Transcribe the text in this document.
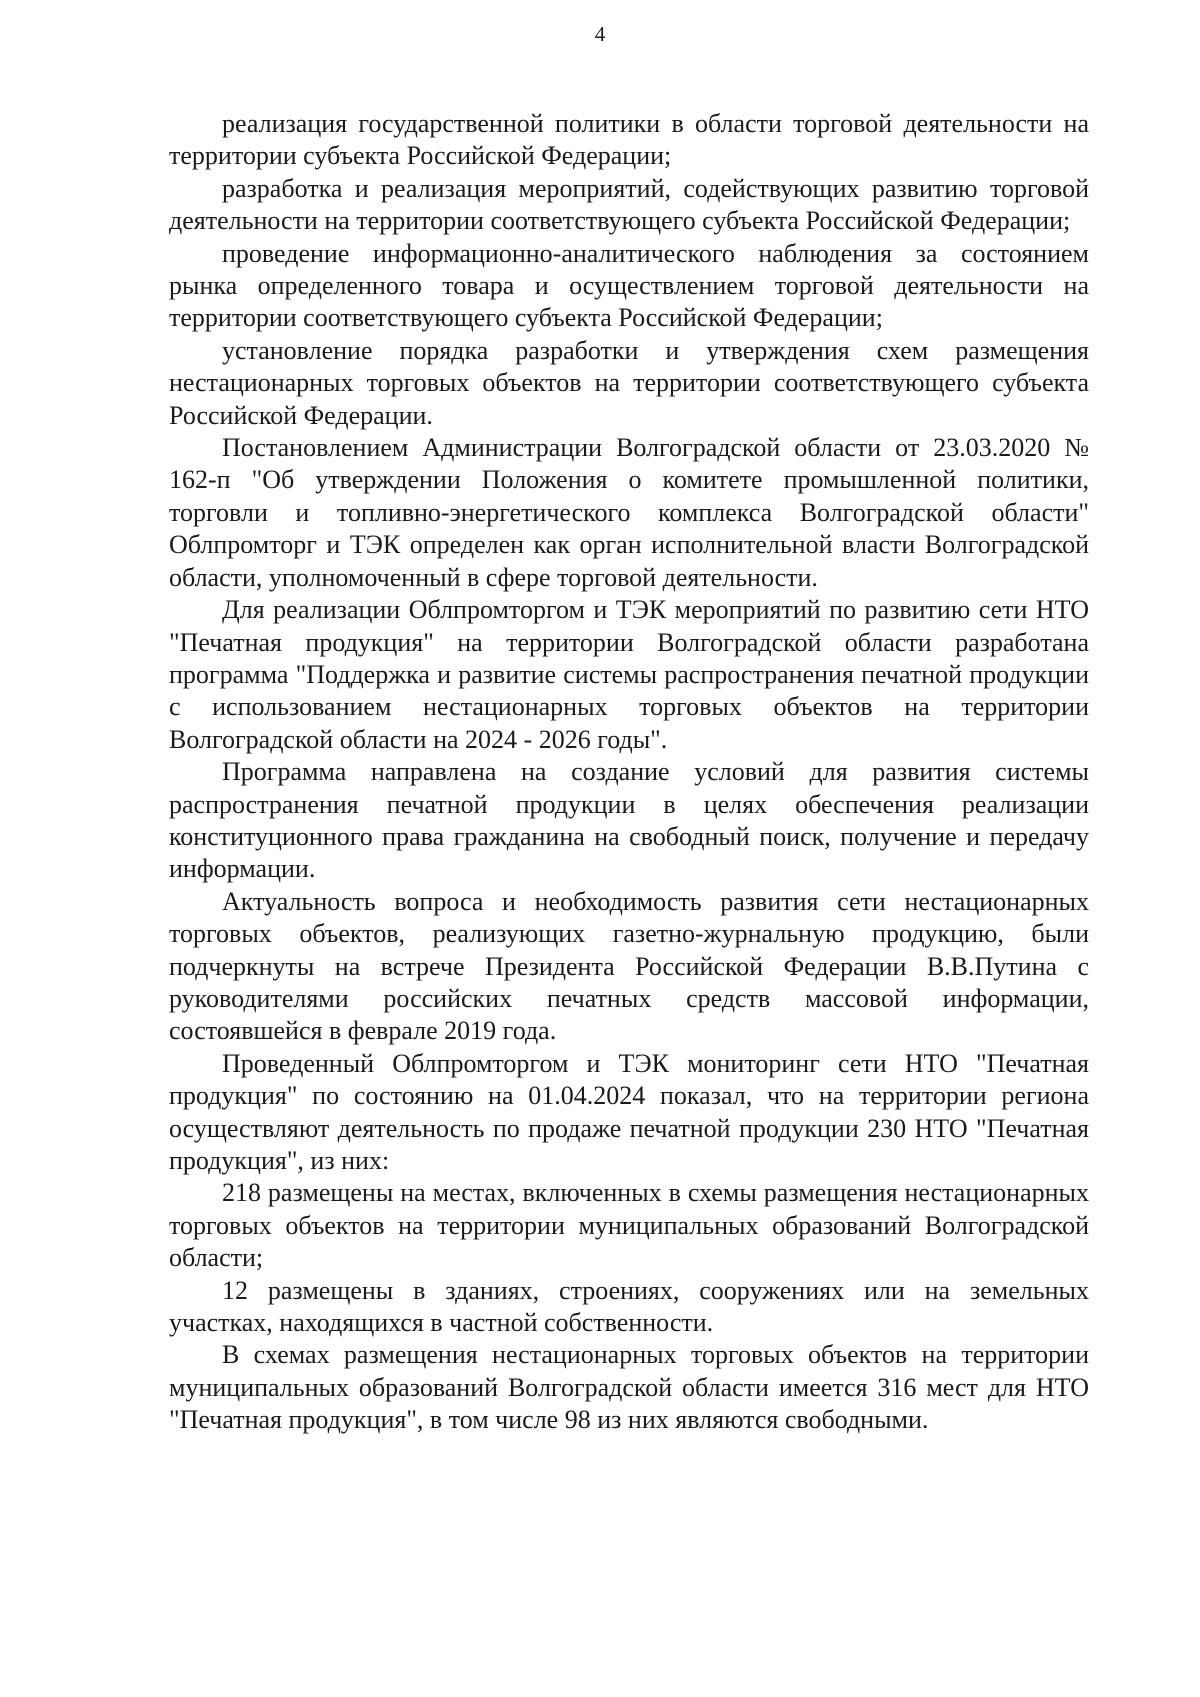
4

реализация государственной политики в области торговой деятельности на территории субъекта Российской Федерации;

разработка и реализация мероприятий, содействующих развитию торговой деятельности на территории соответствующего субъекта Российской Федерации;

проведение информационно-аналитического наблюдения за состоянием рынка определенного товара и осуществлением торговой деятельности на территории соответствующего субъекта Российской Федерации;

установление порядка разработки и утверждения схем размещения нестационарных торговых объектов на территории соответствующего субъекта Российской Федерации.

Постановлением Администрации Волгоградской области от 23.03.2020 № 162-п "Об утверждении Положения о комитете промышленной политики, торговли и топливно-энергетического комплекса Волгоградской области" Облпромторг и ТЭК определен как орган исполнительной власти Волгоградской области, уполномоченный в сфере торговой деятельности.

Для реализации Облпромторгом и ТЭК мероприятий по развитию сети НТО "Печатная продукция" на территории Волгоградской области разработана программа "Поддержка и развитие системы распространения печатной продукции с использованием нестационарных торговых объектов на территории Волгоградской области на 2024 - 2026 годы".

Программа направлена на создание условий для развития системы распространения печатной продукции в целях обеспечения реализации конституционного права гражданина на свободный поиск, получение и передачу информации.

Актуальность вопроса и необходимость развития сети нестационарных торговых объектов, реализующих газетно-журнальную продукцию, были подчеркнуты на встрече Президента Российской Федерации В.В.Путина с руководителями российских печатных средств массовой информации, состоявшейся в феврале 2019 года.

Проведенный Облпромторгом и ТЭК мониторинг сети НТО "Печатная продукция" по состоянию на 01.04.2024 показал, что на территории региона осуществляют деятельность по продаже печатной продукции 230 НТО "Печатная продукция", из них:

218 размещены на местах, включенных в схемы размещения нестационарных торговых объектов на территории муниципальных образований Волгоградской области;

12 размещены в зданиях, строениях, сооружениях или на земельных участках, находящихся в частной собственности.

В схемах размещения нестационарных торговых объектов на территории муниципальных образований Волгоградской области имеется 316 мест для НТО "Печатная продукция", в том числе 98 из них являются свободными.
